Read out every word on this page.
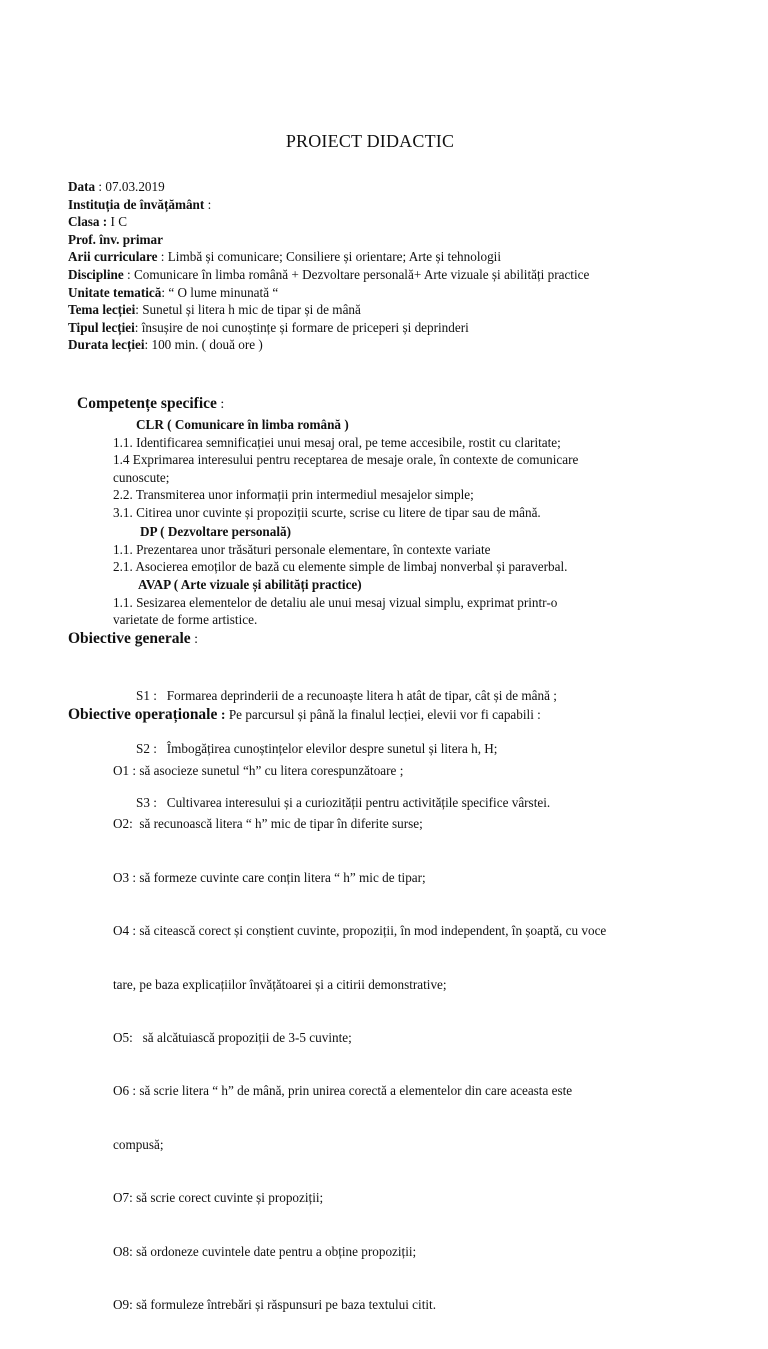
PROIECT DIDACTIC
Data : 07.03.2019
Instituția de învățământ :
Clasa : I C
Prof. înv. primar
Arii curriculare : Limbă și comunicare; Consiliere și orientare; Arte și tehnologii
Discipline : Comunicare în limba română + Dezvoltare personală+ Arte vizuale și abilități practice
Unitate tematică: “ O lume minunată “
Tema lecției: Sunetul și litera h mic de tipar și de mână
Tipul lecției: însușire de noi cunoștințe și formare de priceperi și deprinderi
Durata lecției: 100 min. ( două ore )
Competențe specifice :
CLR ( Comunicare în limba română )
1.1. Identificarea semnificației unui mesaj oral, pe teme accesibile, rostit cu claritate;
1.4 Exprimarea interesului pentru receptarea de mesaje orale, în contexte de comunicare
cunoscute;
2.2. Transmiterea unor informații prin intermediul mesajelor simple;
3.1. Citirea unor cuvinte și propoziții scurte, scrise cu litere de tipar sau de mână.
DP ( Dezvoltare personală)
1.1. Prezentarea unor trăsături personale elementare, în contexte variate
2.1. Asocierea emoților de bază cu elemente simple de limbaj nonverbal și paraverbal.
AVAP ( Arte vizuale și abilități practice)
1.1. Sesizarea elementelor de detaliu ale unui mesaj vizual simplu, exprimat printr-o
varietate de forme artistice.
Obiective generale :

S1 :   Formarea deprinderii de a recunoaște litera h atât de tipar, cât și de mână ;

S2 :   Îmbogățirea cunoștințelor elevilor despre sunetul și litera h, H;

S3 :   Cultivarea interesului și a curiozității pentru activitățile specifice vârstei.

Obiective operaționale : Pe parcursul și până la finalul lecției, elevii vor fi capabili :

O1 : să asocieze sunetul “h” cu litera corespunzătoare ;

O2:  să recunoască litera “ h” mic de tipar în diferite surse;

O3 : să formeze cuvinte care conțin litera “ h” mic de tipar;

O4 : să citească corect și conștient cuvinte, propoziții, în mod independent, în șoaptă, cu voce

tare, pe baza explicațiilor învățătoarei și a citirii demonstrative;

O5:   să alcătuiască propoziții de 3-5 cuvinte;

O6 : să scrie litera “ h” de mână, prin unirea corectă a elementelor din care aceasta este

compusă;

O7: să scrie corect cuvinte și propoziții;

O8: să ordoneze cuvintele date pentru a obține propoziții;

O9: să formuleze întrebări și răspunsuri pe baza textului citit.
